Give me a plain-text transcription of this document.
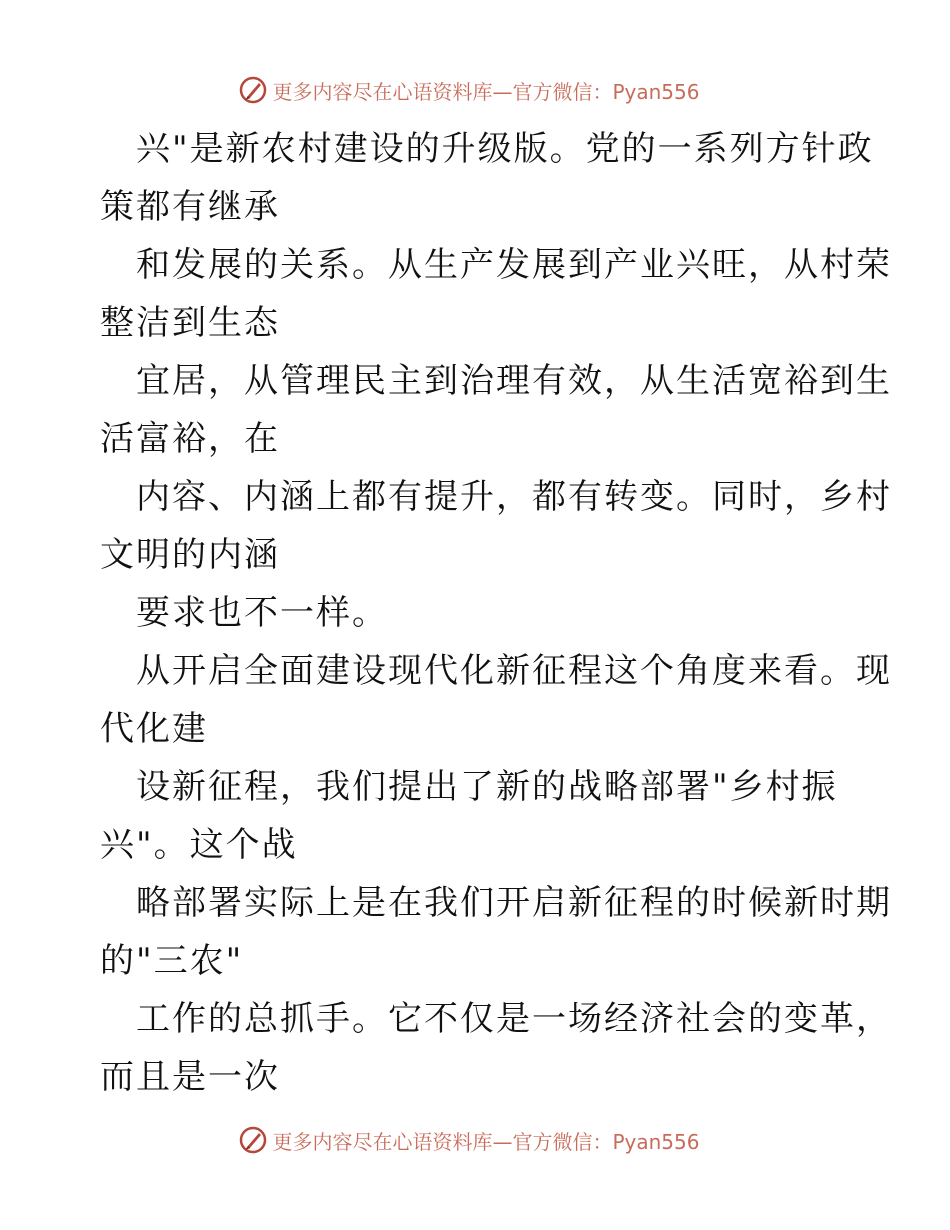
更多内容尽在心语资料库—官方微信：Pyan556
兴"是新农村建设的升级版。党的一系列方针政
策都有继承
和发展的关系。从生产发展到产业兴旺，从村荣
整洁到生态
宜居，从管理民主到治理有效，从生活宽裕到生
活富裕，在
内容、内涵上都有提升，都有转变。同时，乡村
文明的内涵
要求也不一样。
从开启全面建设现代化新征程这个角度来看。现
代化建
设新征程，我们提出了新的战略部署"乡村振
兴"。这个战
略部署实际上是在我们开启新征程的时候新时期
的"三农"
工作的总抓手。它不仅是一场经济社会的变革，
而且是一次
更多内容尽在心语资料库—官方微信：Pyan556
